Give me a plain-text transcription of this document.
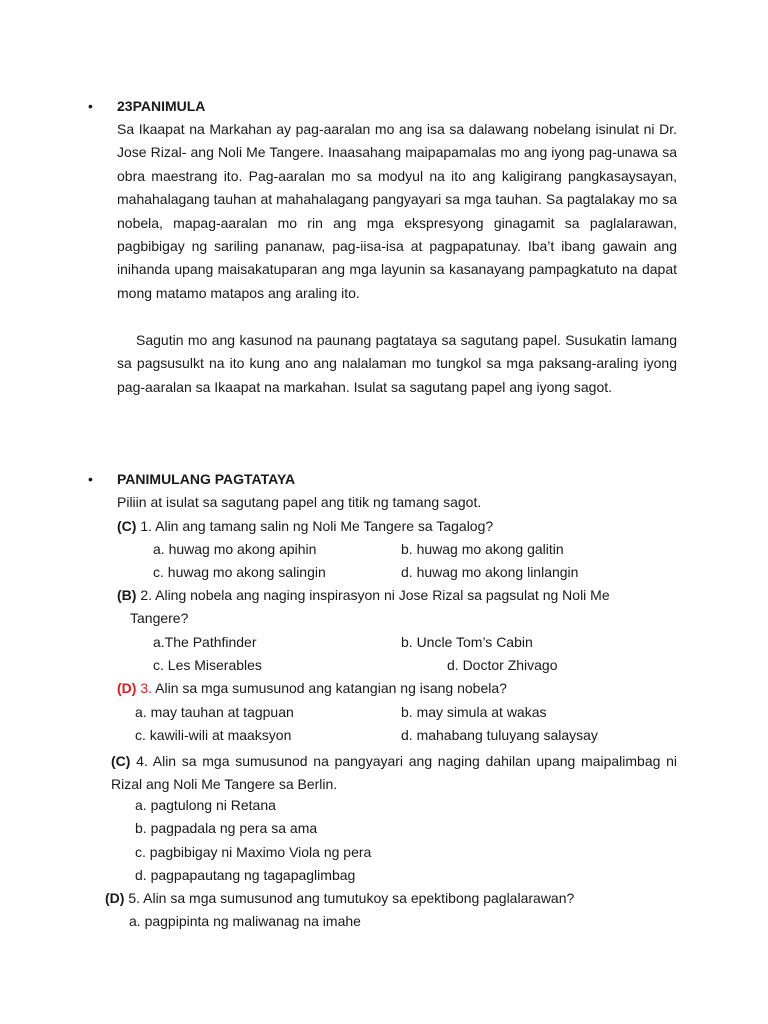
• 23PANIMULA
Sa Ikaapat na Markahan ay pag-aaralan mo ang isa sa dalawang nobelang isinulat ni Dr. Jose Rizal- ang Noli Me Tangere. Inaasahang maipapamalas mo ang iyong pag-unawa sa obra maestrang ito. Pag-aaralan mo sa modyul na ito ang kaligirang pangkasaysayan, mahahalagang tauhan at mahahalagang pangyayari sa mga tauhan. Sa pagtalakay mo sa nobela, mapag-aaralan mo rin ang mga ekspresyong ginagamit sa paglalarawan, pagbibigay ng sariling pananaw, pag-iisa-isa at pagpapatunay. Iba’t ibang gawain ang inihanda upang maisakatuparan ang mga layunin sa kasanayang pampagkatuto na dapat mong matamo matapos ang araling ito.
Sagutin mo ang kasunod na paunang pagtataya sa sagutang papel. Susukatin lamang sa pagsusulkt na ito kung ano ang nalalaman mo tungkol sa mga paksang-araling iyong pag-aaralan sa Ikaapat na markahan. Isulat sa sagutang papel ang iyong sagot.
• PANIMULANG PAGTATAYA
Piliin at isulat sa sagutang papel ang titik ng tamang sagot.
(C) 1. Alin ang tamang salin ng Noli Me Tangere sa Tagalog?
a. huwag mo akong apihin	b. huwag mo akong galitin
c. huwag mo akong salingin	d. huwag mo akong linlangin
(B) 2. Aling nobela ang naging inspirasyon ni Jose Rizal sa pagsulat ng Noli Me
Tangere?
a.The Pathfinder	b. Uncle Tom’s Cabin
c. Les Miserables	d. Doctor Zhivago
(D) 3. Alin sa mga sumusunod ang katangian ng isang nobela?
a. may tauhan at tagpuan	b. may simula at wakas
c. kawili-wili at maaksyon	d. mahabang tuluyang salaysay
(C) 4. Alin sa mga sumusunod na pangyayari ang naging dahilan upang maipalimbag ni Rizal ang Noli Me Tangere sa Berlin.
a. pagtulong ni Retana
b. pagpadala ng pera sa ama
c. pagbibigay ni Maximo Viola ng pera
d. pagpapautang ng tagapaglimbag
(D) 5. Alin sa mga sumusunod ang tumutukoy sa epektibong paglalarawan?
a. pagpipinta ng maliwanag na imahe
